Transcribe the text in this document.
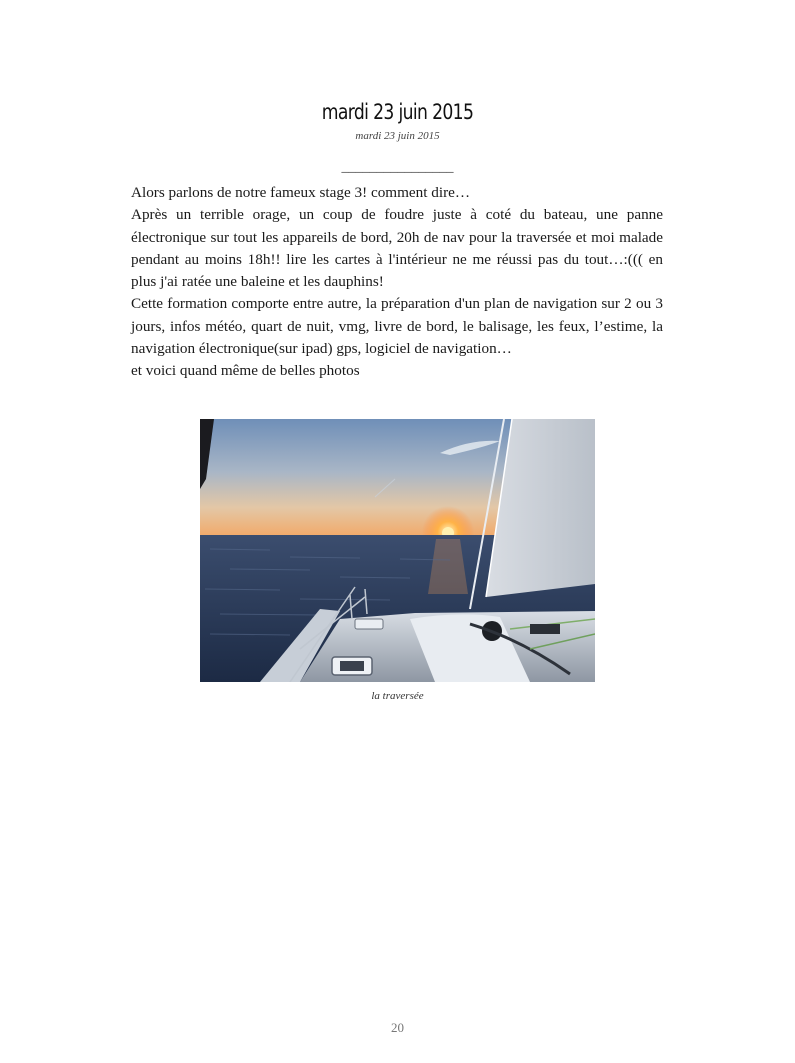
mardi 23 juin 2015
mardi 23 juin 2015
________________

Alors parlons de notre fameux stage 3! comment dire…

Après un terrible orage, un coup de foudre juste à coté du bateau, une panne électronique sur tout les appareils de bord, 20h de nav pour la traversée et moi malade pendant au moins 18h!! lire les cartes à l'intérieur ne me réussi pas du tout…:((( en plus j'ai ratée une baleine et les dauphins!

Cette formation comporte entre autre, la préparation d'un plan de navigation sur 2 ou 3 jours, infos météo, quart de nuit, vmg, livre de bord, le balisage, les feux, l’estime, la navigation électronique(sur ipad) gps, logiciel de navigation…

et voici quand même de belles photos

la traversée
20
